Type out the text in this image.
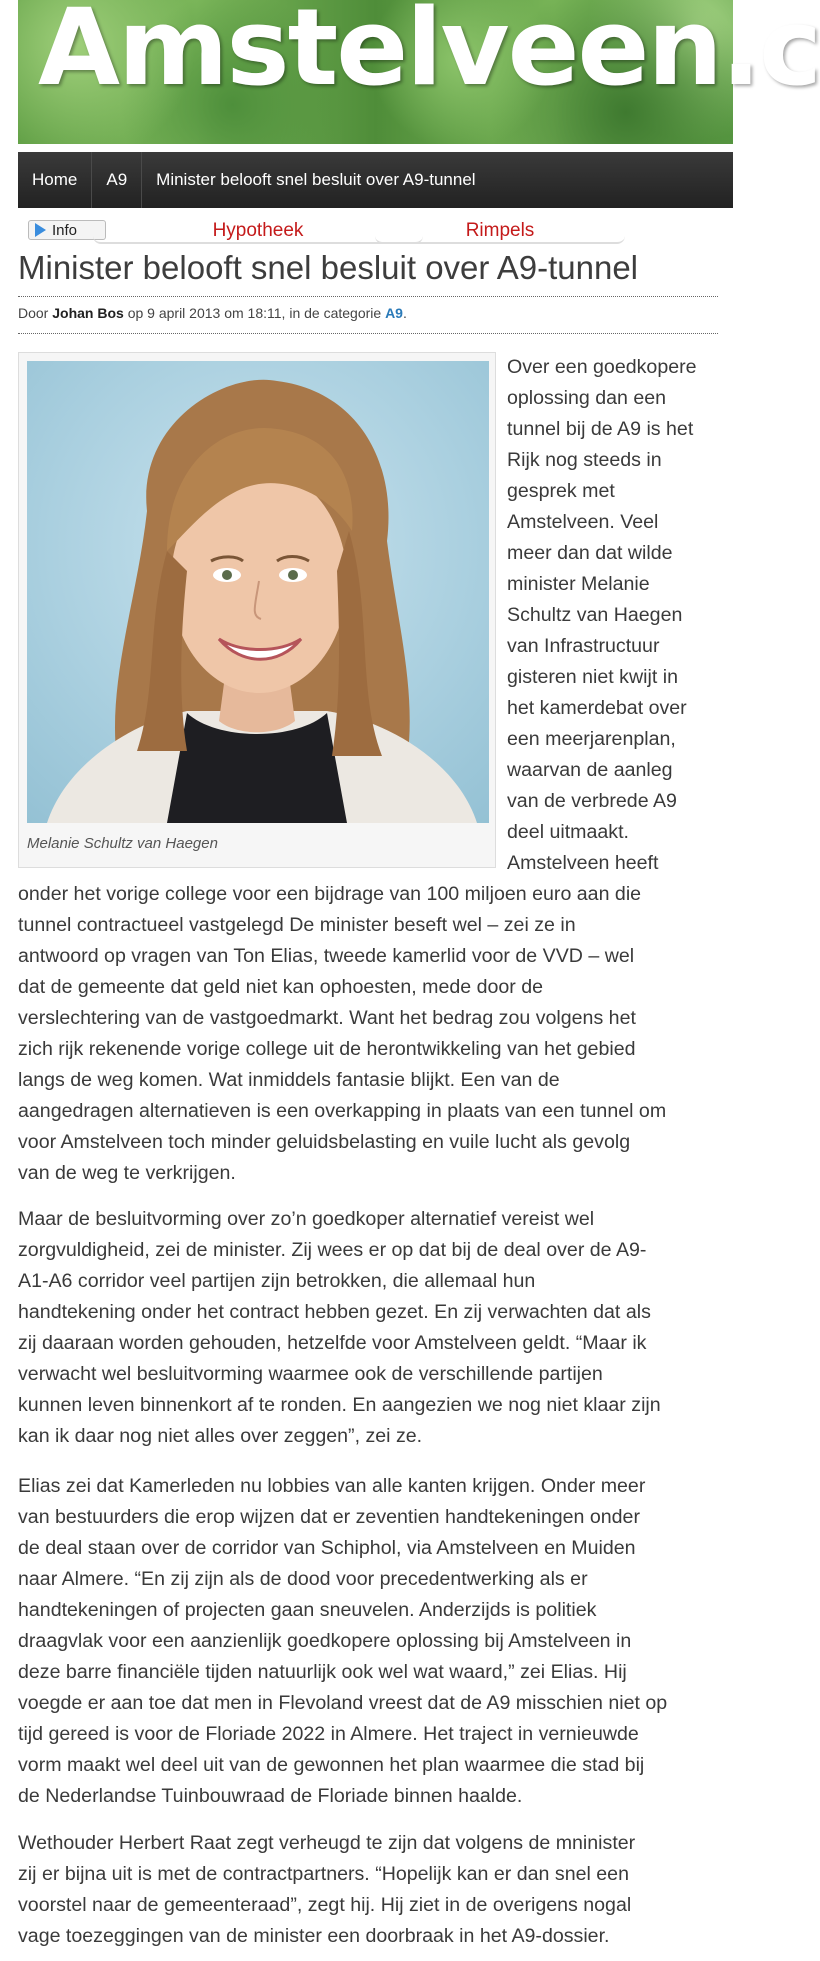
Amstelveen.c
Home	A9	Minister belooft snel besluit over A9-tunnel
Info	Hypotheek	Rimpels
Minister belooft snel besluit over A9-tunnel
Door Johan Bos op 9 april 2013 om 18:11, in de categorie A9.
Melanie Schultz van Haegen

Over een goedkopere
oplossing dan een
tunnel bij de A9 is het
Rijk nog steeds in
gesprek met
Amstelveen. Veel
meer dan dat wilde
minister Melanie
Schultz van Haegen
van Infrastructuur
gisteren niet kwijt in
het kamerdebat over
een meerjarenplan,
waarvan de aanleg
van de verbrede A9
deel uitmaakt.
Amstelveen heeft

onder het vorige college voor een bijdrage van 100 miljoen euro aan die
tunnel contractueel vastgelegd De minister beseft wel – zei ze in
antwoord op vragen van Ton Elias, tweede kamerlid voor de VVD – wel
dat de gemeente dat geld niet kan ophoesten, mede door de
verslechtering van de vastgoedmarkt. Want het bedrag zou volgens het
zich rijk rekenende vorige college uit de herontwikkeling van het gebied
langs de weg komen. Wat inmiddels fantasie blijkt. Een van de
aangedragen alternatieven is een overkapping in plaats van een tunnel om
voor Amstelveen toch minder geluidsbelasting en vuile lucht als gevolg
van de weg te verkrijgen.

Maar de besluitvorming over zo’n goedkoper alternatief vereist wel
zorgvuldigheid, zei de minister. Zij wees er op dat bij de deal over de A9-
A1-A6 corridor veel partijen zijn betrokken, die allemaal hun
handtekening onder het contract hebben gezet. En zij verwachten dat als
zij daaraan worden gehouden, hetzelfde voor Amstelveen geldt. “Maar ik
verwacht wel besluitvorming waarmee ook de verschillende partijen
kunnen leven binnenkort af te ronden. En aangezien we nog niet klaar zijn
kan ik daar nog niet alles over zeggen”, zei ze.

Elias zei dat Kamerleden nu lobbies van alle kanten krijgen. Onder meer
van bestuurders die erop wijzen dat er zeventien handtekeningen onder
de deal staan over de corridor van Schiphol, via Amstelveen en Muiden
naar Almere. “En zij zijn als de dood voor precedentwerking als er
handtekeningen of projecten gaan sneuvelen. Anderzijds is politiek
draagvlak voor een aanzienlijk goedkopere oplossing bij Amstelveen in
deze barre financiële tijden natuurlijk ook wel wat waard,” zei Elias. Hij
voegde er aan toe dat men in Flevoland vreest dat de A9 misschien niet op
tijd gereed is voor de Floriade 2022 in Almere. Het traject in vernieuwde
vorm maakt wel deel uit van de gewonnen het plan waarmee die stad bij
de Nederlandse Tuinbouwraad de Floriade binnen haalde.

Wethouder Herbert Raat zegt verheugd te zijn dat volgens de mninister
zij er bijna uit is met de contractpartners. “Hopelijk kan er dan snel een
voorstel naar de gemeenteraad”, zegt hij. Hij ziet in de overigens nogal
vage toezeggingen van de minister een doorbraak in het A9-dossier.
